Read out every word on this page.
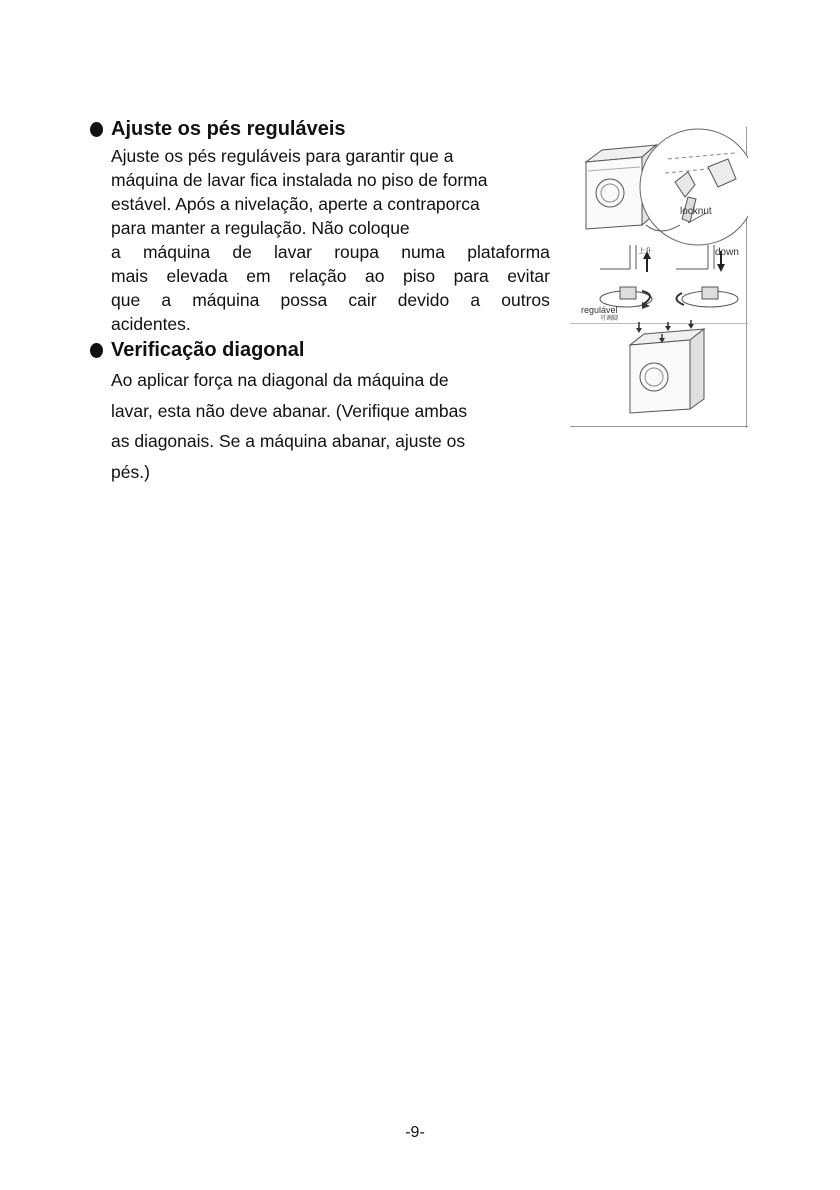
Ajuste os pés reguláveis

Ajuste os pés reguláveis para garantir que a
máquina de lavar fica instalada no piso de forma
estável. Após a nivelação, aperte a contraporca
para manter a regulação. Não coloque
a máquina de lavar roupa numa plataforma
mais elevada em relação ao piso para evitar
que a máquina possa cair devido a outros
acidentes.

Verificação diagonal

Ao aplicar força na diagonal da máquina de
lavar, esta não deve abanar. (Verifique ambas
as diagonais. Se a máquina abanar, ajuste os
pés.)

locknut
上升	down
regulável
可调脚
-9-
